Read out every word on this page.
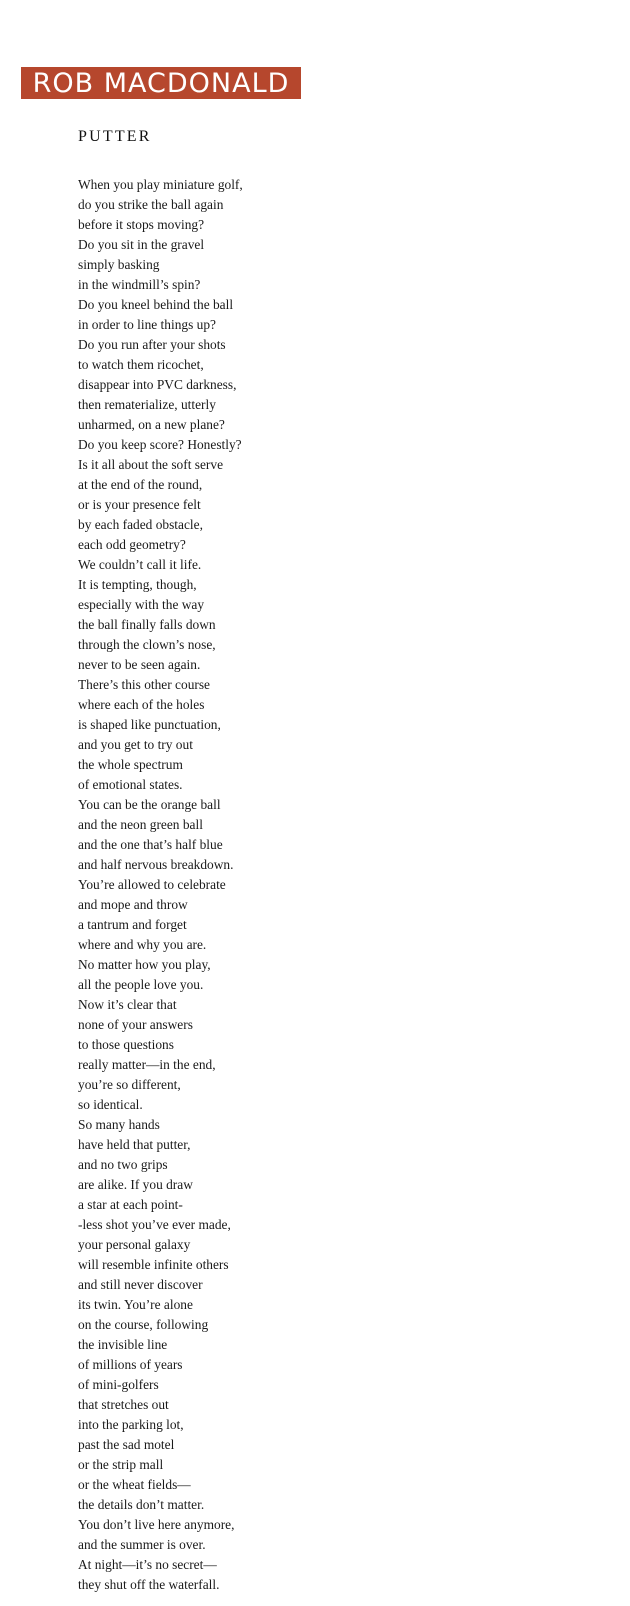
ROB MACDONALD
PUTTER
When you play miniature golf,
do you strike the ball again
before it stops moving?
Do you sit in the gravel
simply basking
in the windmill’s spin?
Do you kneel behind the ball
in order to line things up?
Do you run after your shots
to watch them ricochet,
disappear into PVC darkness,
then rematerialize, utterly
unharmed, on a new plane?
Do you keep score? Honestly?
Is it all about the soft serve
at the end of the round,
or is your presence felt
by each faded obstacle,
each odd geometry?
We couldn’t call it life.
It is tempting, though,
especially with the way
the ball finally falls down
through the clown’s nose,
never to be seen again.
There’s this other course
where each of the holes
is shaped like punctuation,
and you get to try out
the whole spectrum
of emotional states.
You can be the orange ball
and the neon green ball
and the one that’s half blue
and half nervous breakdown.
You’re allowed to celebrate
and mope and throw
a tantrum and forget
where and why you are.
No matter how you play,
all the people love you.
Now it’s clear that
none of your answers
to those questions
really matter—in the end,
you’re so different,
so identical.
So many hands
have held that putter,
and no two grips
are alike. If you draw
a star at each point-
-less shot you’ve ever made,
your personal galaxy
will resemble infinite others
and still never discover
its twin. You’re alone
on the course, following
the invisible line
of millions of years
of mini-golfers
that stretches out
into the parking lot,
past the sad motel
or the strip mall
or the wheat fields—
the details don’t matter.
You don’t live here anymore,
and the summer is over.
At night—it’s no secret—
they shut off the waterfall.
